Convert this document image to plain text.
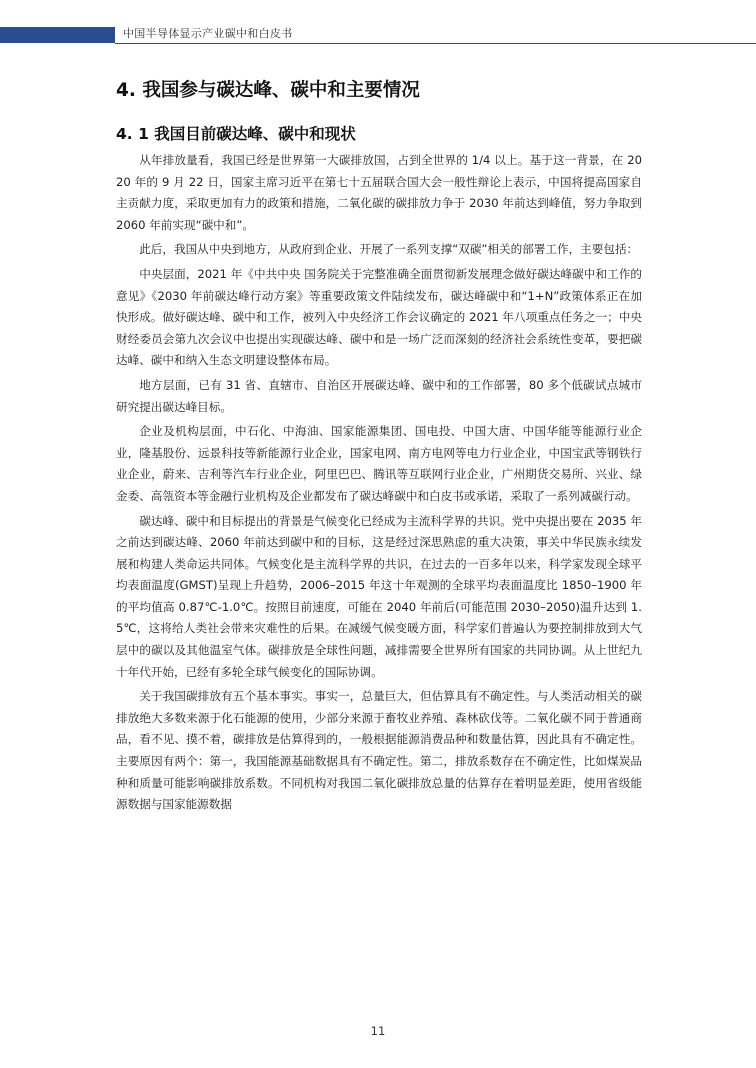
中国半导体显示产业碳中和白皮书
4. 我国参与碳达峰、碳中和主要情况
4. 1 我国目前碳达峰、碳中和现状

从年排放量看，我国已经是世界第一大碳排放国，占到全世界的 1/4 以上。基于这一背景，在 2020 年的 9 月 22 日，国家主席习近平在第七十五届联合国大会一般性辩论上表示，中国将提高国家自主贡献力度，采取更加有力的政策和措施，二氧化碳的碳排放力争于 2030 年前达到峰值，努力争取到 2060 年前实现“碳中和”。

此后，我国从中央到地方，从政府到企业、开展了一系列支撑“双碳”相关的部署工作，主要包括：

中央层面，2021 年《中共中央 国务院关于完整准确全面贯彻新发展理念做好碳达峰碳中和工作的意见》《2030 年前碳达峰行动方案》等重要政策文件陆续发布，碳达峰碳中和“1+N”政策体系正在加快形成。做好碳达峰、碳中和工作，被列入中央经济工作会议确定的 2021 年八项重点任务之一；中央财经委员会第九次会议中也提出实现碳达峰、碳中和是一场广泛而深刻的经济社会系统性变革，要把碳达峰、碳中和纳入生态文明建设整体布局。

地方层面，已有 31 省、直辖市、自治区开展碳达峰、碳中和的工作部署，80 多个低碳试点城市研究提出碳达峰目标。

企业及机构层面，中石化、中海油、国家能源集团、国电投、中国大唐、中国华能等能源行业企业，隆基股份、远景科技等新能源行业企业，国家电网、南方电网等电力行业企业，中国宝武等钢铁行业企业，蔚来、吉利等汽车行业企业，阿里巴巴、腾讯等互联网行业企业，广州期货交易所、兴业、绿金委、高瓴资本等金融行业机构及企业都发布了碳达峰碳中和白皮书或承诺，采取了一系列减碳行动。

碳达峰、碳中和目标提出的背景是气候变化已经成为主流科学界的共识。党中央提出要在 2035 年之前达到碳达峰、2060 年前达到碳中和的目标，这是经过深思熟虑的重大决策，事关中华民族永续发展和构建人类命运共同体。气候变化是主流科学界的共识，在过去的一百多年以来，科学家发现全球平均表面温度(GMST)呈现上升趋势，2006–2015 年这十年观测的全球平均表面温度比 1850–1900 年的平均值高 0.87℃-1.0℃。按照目前速度，可能在 2040 年前后(可能范围 2030–2050)温升达到 1.5℃，这将给人类社会带来灾难性的后果。在减缓气候变暖方面，科学家们普遍认为要控制排放到大气层中的碳以及其他温室气体。碳排放是全球性问题，减排需要全世界所有国家的共同协调。从上世纪九十年代开始，已经有多轮全球气候变化的国际协调。

关于我国碳排放有五个基本事实。事实一，总量巨大，但估算具有不确定性。与人类活动相关的碳排放绝大多数来源于化石能源的使用，少部分来源于畜牧业养殖、森林砍伐等。二氧化碳不同于普通商品，看不见、摸不着，碳排放是估算得到的，一般根据能源消费品种和数量估算，因此具有不确定性。主要原因有两个：第一，我国能源基础数据具有不确定性。第二，排放系数存在不确定性，比如煤炭品种和质量可能影响碳排放系数。不同机构对我国二氧化碳排放总量的估算存在着明显差距，使用省级能源数据与国家能源数据

11
